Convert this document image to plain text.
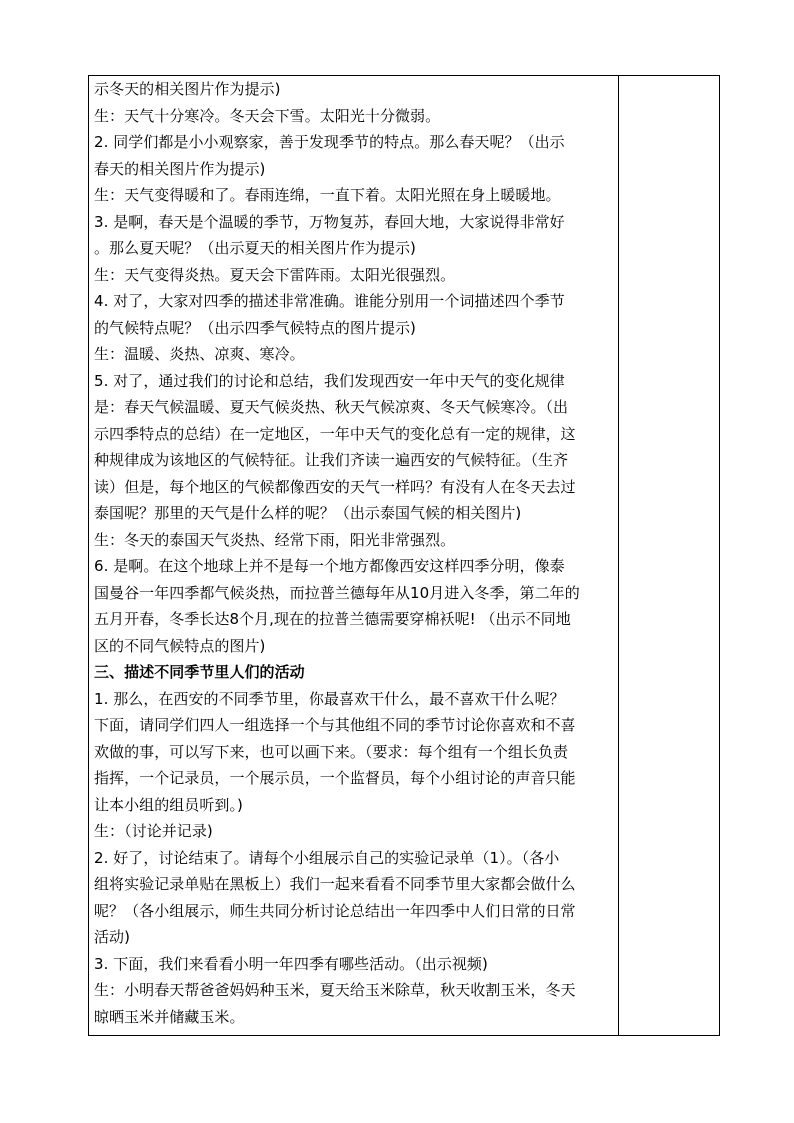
示冬天的相关图片作为提示)
生：天气十分寒冷。冬天会下雪。太阳光十分微弱。
2. 同学们都是小小观察家，善于发现季节的特点。那么春天呢？（出示
春天的相关图片作为提示)
生：天气变得暖和了。春雨连绵，一直下着。太阳光照在身上暖暖地。
3. 是啊，春天是个温暖的季节，万物复苏，春回大地，大家说得非常好
。那么夏天呢？（出示夏天的相关图片作为提示)
生：天气变得炎热。夏天会下雷阵雨。太阳光很强烈。
4. 对了，大家对四季的描述非常准确。谁能分别用一个词描述四个季节
的气候特点呢？（出示四季气候特点的图片提示)
生：温暖、炎热、凉爽、寒冷。
5. 对了，通过我们的讨论和总结，我们发现西安一年中天气的变化规律
是：春天气候温暖、夏天气候炎热、秋天气候凉爽、冬天气候寒冷。（出
示四季特点的总结）在一定地区，一年中天气的变化总有一定的规律，这
种规律成为该地区的气候特征。让我们齐读一遍西安的气候特征。（生齐
读）但是，每个地区的气候都像西安的天气一样吗？有没有人在冬天去过
泰国呢？那里的天气是什么样的呢？（出示泰国气候的相关图片)
生：冬天的泰国天气炎热、经常下雨，阳光非常强烈。
6. 是啊。在这个地球上并不是每一个地方都像西安这样四季分明，像泰
国曼谷一年四季都气候炎热，而拉普兰德每年从10月进入冬季，第二年的
五月开春，冬季长达8个月,现在的拉普兰德需要穿棉袄呢! （出示不同地
区的不同气候特点的图片)
三、描述不同季节里人们的活动
1. 那么，在西安的不同季节里，你最喜欢干什么，最不喜欢干什么呢？
下面，请同学们四人一组选择一个与其他组不同的季节讨论你喜欢和不喜
欢做的事，可以写下来，也可以画下来。（要求：每个组有一个组长负责
指挥，一个记录员，一个展示员，一个监督员，每个小组讨论的声音只能
让本小组的组员听到。)
生：（讨论并记录)
2. 好了，讨论结束了。请每个小组展示自己的实验记录单（1）。（各小
组将实验记录单贴在黑板上）我们一起来看看不同季节里大家都会做什么
呢？（各小组展示，师生共同分析讨论总结出一年四季中人们日常的日常
活动)
3. 下面，我们来看看小明一年四季有哪些活动。（出示视频)
生：小明春天帮爸爸妈妈种玉米，夏天给玉米除草，秋天收割玉米，冬天
晾晒玉米并储藏玉米。
